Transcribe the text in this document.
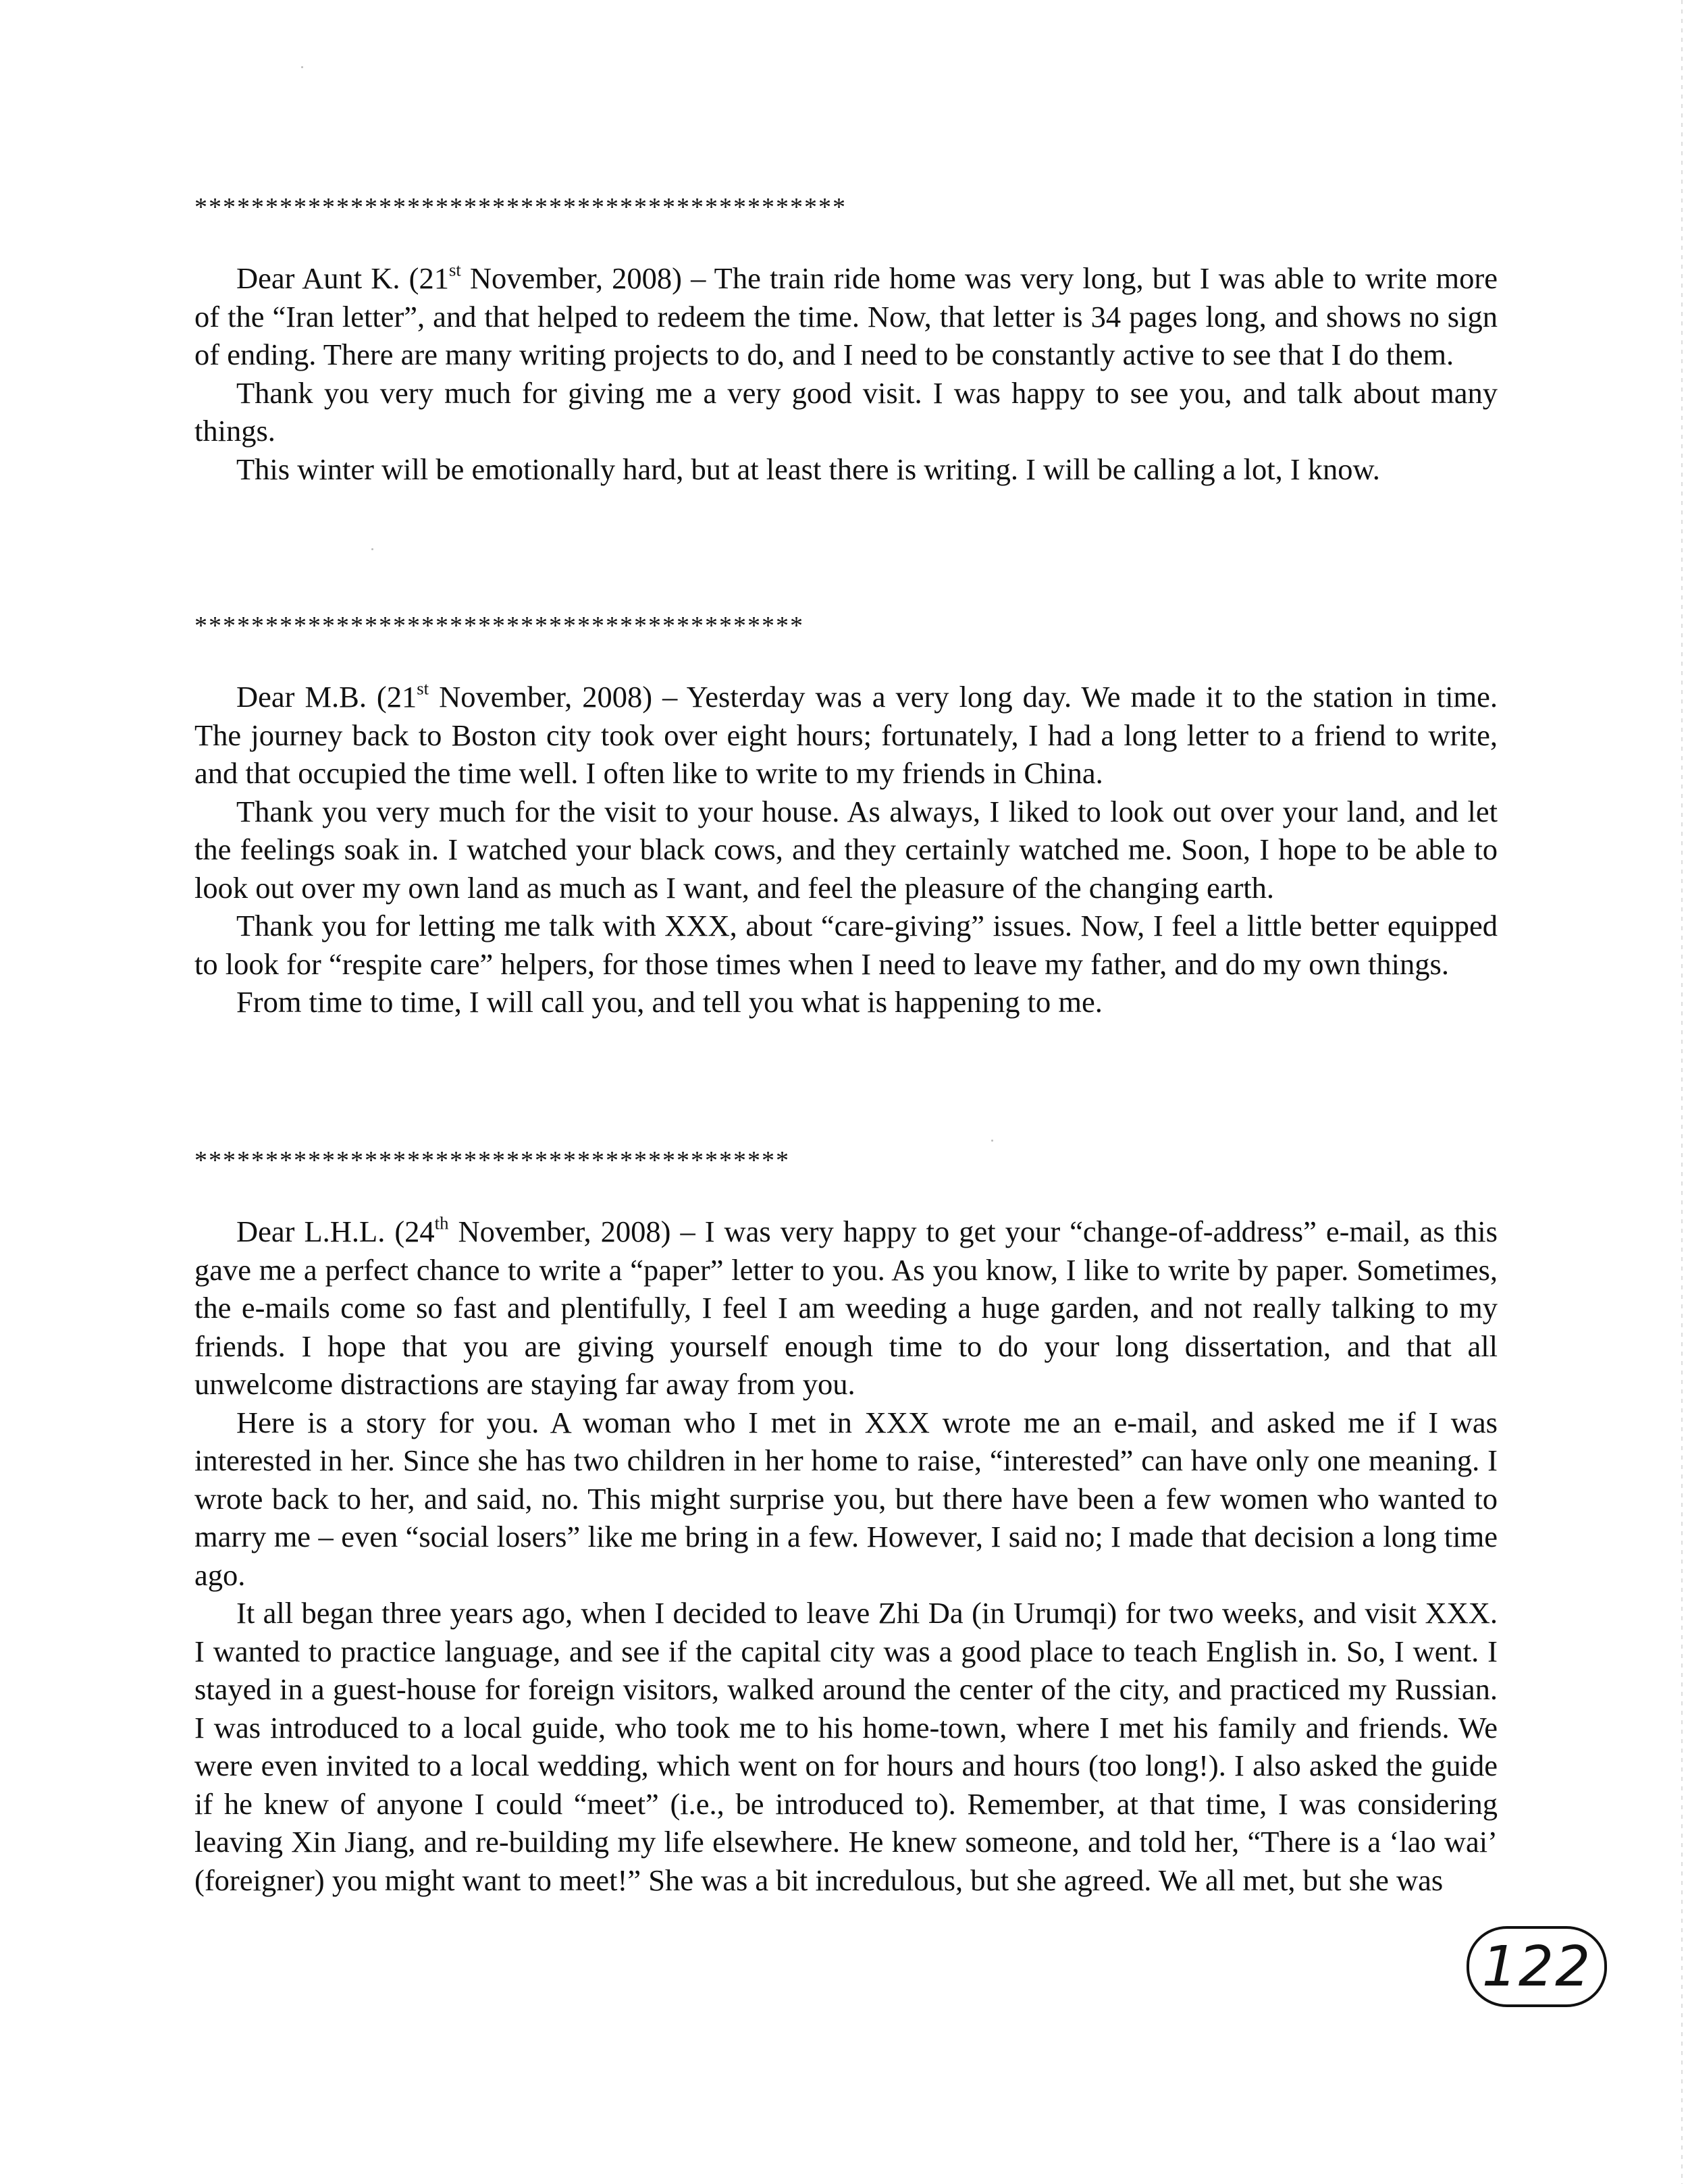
**********************************************

Dear Aunt K. (21st November, 2008) – The train ride home was very long, but I was able to write more of the “Iran letter”, and that helped to redeem the time. Now, that letter is 34 pages long, and shows no sign of ending. There are many writing projects to do, and I need to be constantly active to see that I do them.

Thank you very much for giving me a very good visit. I was happy to see you, and talk about many things.

This winter will be emotionally hard, but at least there is writing. I will be calling a lot, I know.

*******************************************

Dear M.B. (21st November, 2008) – Yesterday was a very long day. We made it to the station in time. The journey back to Boston city took over eight hours; fortunately, I had a long letter to a friend to write, and that occupied the time well. I often like to write to my friends in China.

Thank you very much for the visit to your house. As always, I liked to look out over your land, and let the feelings soak in. I watched your black cows, and they certainly watched me. Soon, I hope to be able to look out over my own land as much as I want, and feel the pleasure of the changing earth.

Thank you for letting me talk with XXX, about “care-giving” issues. Now, I feel a little better equipped to look for “respite care” helpers, for those times when I need to leave my father, and do my own things.

From time to time, I will call you, and tell you what is happening to me.

******************************************

Dear L.H.L. (24th November, 2008) – I was very happy to get your “change-of-address” e-mail, as this gave me a perfect chance to write a “paper” letter to you. As you know, I like to write by paper. Sometimes, the e-mails come so fast and plentifully, I feel I am weeding a huge garden, and not really talking to my friends. I hope that you are giving yourself enough time to do your long dissertation, and that all unwelcome distractions are staying far away from you.

Here is a story for you. A woman who I met in XXX wrote me an e-mail, and asked me if I was interested in her. Since she has two children in her home to raise, “interested” can have only one meaning. I wrote back to her, and said, no. This might surprise you, but there have been a few women who wanted to marry me – even “social losers” like me bring in a few. However, I said no; I made that decision a long time ago.

It all began three years ago, when I decided to leave Zhi Da (in Urumqi) for two weeks, and visit XXX. I wanted to practice language, and see if the capital city was a good place to teach English in. So, I went. I stayed in a guest-house for foreign visitors, walked around the center of the city, and practiced my Russian. I was introduced to a local guide, who took me to his home-town, where I met his family and friends. We were even invited to a local wedding, which went on for hours and hours (too long!). I also asked the guide if he knew of anyone I could “meet” (i.e., be introduced to). Remember, at that time, I was considering leaving Xin Jiang, and re-building my life elsewhere. He knew someone, and told her, “There is a ‘lao wai’ (foreigner) you might want to meet!” She was a bit incredulous, but she agreed. We all met, but she was

122
